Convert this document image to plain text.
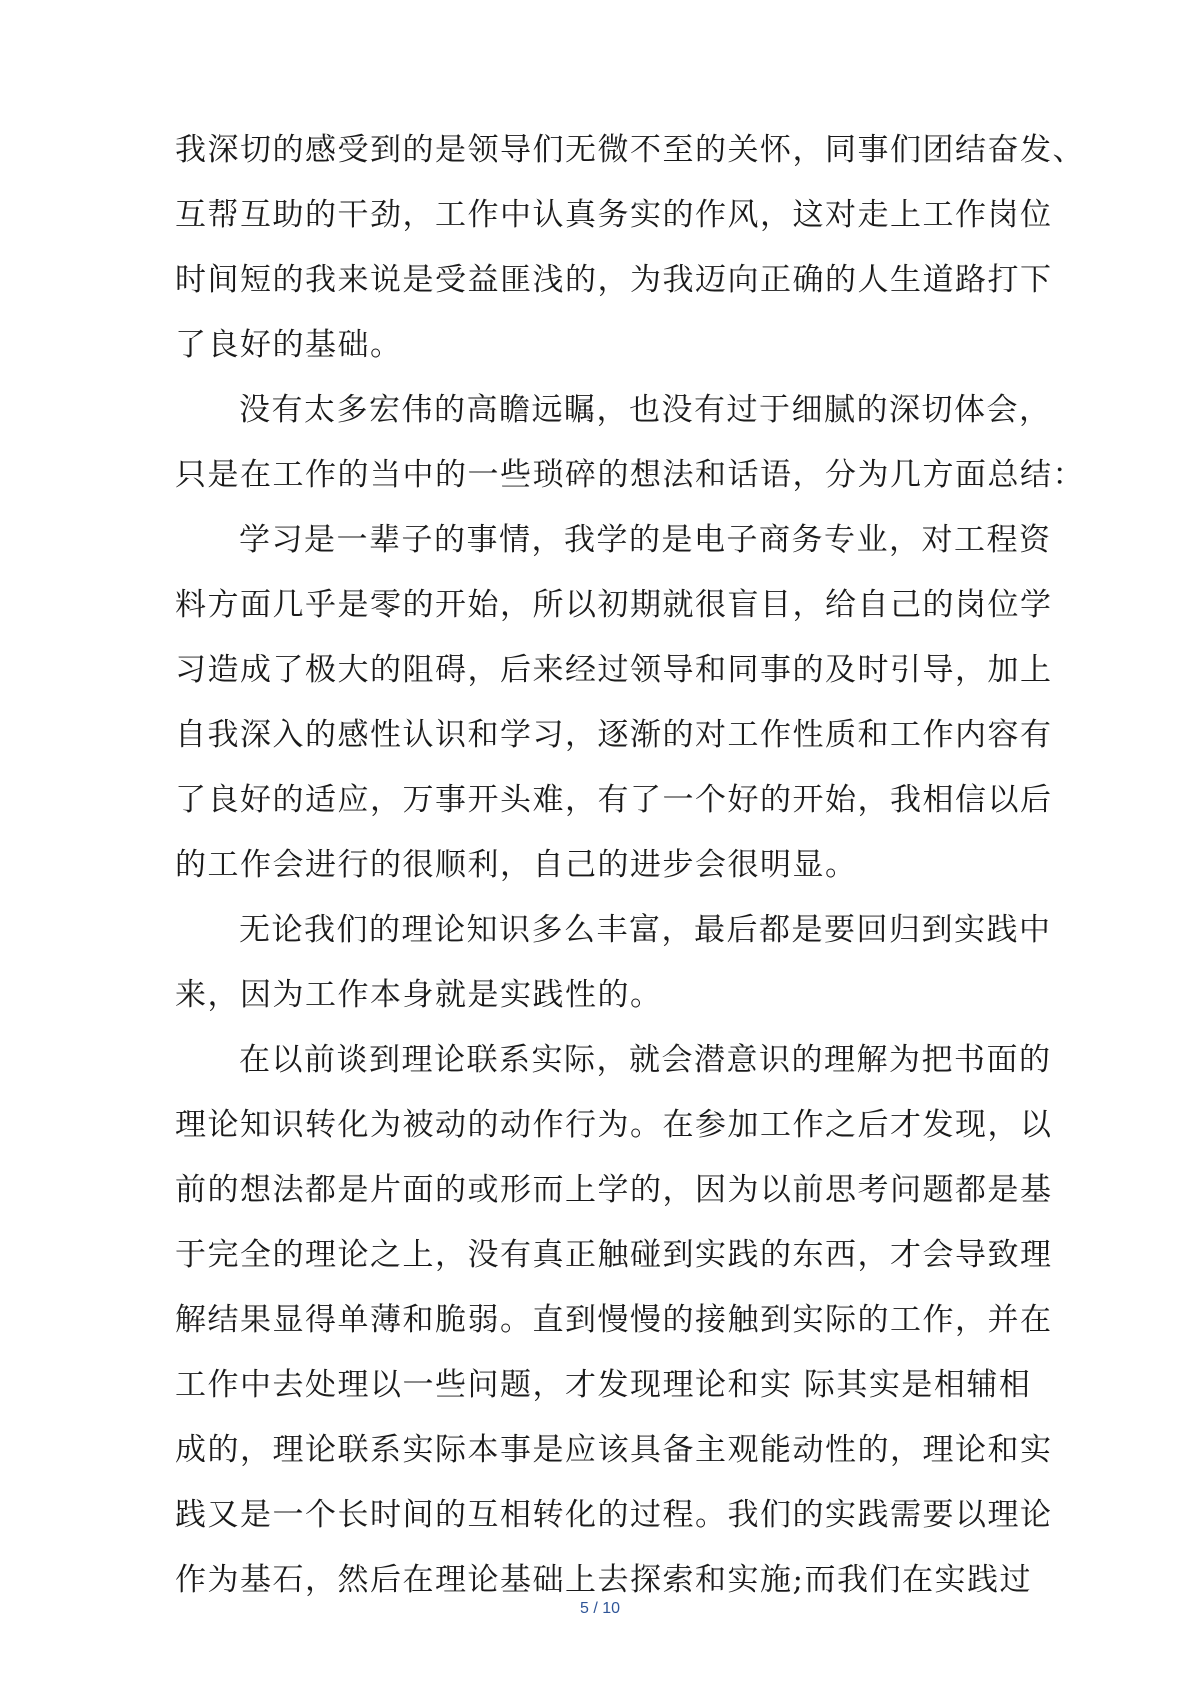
我深切的感受到的是领导们无微不至的关怀，同事们团结奋发、
互帮互助的干劲，工作中认真务实的作风，这对走上工作岗位
时间短的我来说是受益匪浅的，为我迈向正确的人生道路打下
了良好的基础。
没有太多宏伟的高瞻远瞩，也没有过于细腻的深切体会，
只是在工作的当中的一些琐碎的想法和话语，分为几方面总结：
学习是一辈子的事情，我学的是电子商务专业，对工程资
料方面几乎是零的开始，所以初期就很盲目，给自己的岗位学
习造成了极大的阻碍，后来经过领导和同事的及时引导，加上
自我深入的感性认识和学习，逐渐的对工作性质和工作内容有
了良好的适应，万事开头难，有了一个好的开始，我相信以后
的工作会进行的很顺利，自己的进步会很明显。
无论我们的理论知识多么丰富，最后都是要回归到实践中
来，因为工作本身就是实践性的。
在以前谈到理论联系实际，就会潜意识的理解为把书面的
理论知识转化为被动的动作行为。在参加工作之后才发现，以
前的想法都是片面的或形而上学的，因为以前思考问题都是基
于完全的理论之上，没有真正触碰到实践的东西，才会导致理
解结果显得单薄和脆弱。直到慢慢的接触到实际的工作，并在
工作中去处理以一些问题，才发现理论和实 际其实是相辅相
成的，理论联系实际本事是应该具备主观能动性的，理论和实
践又是一个长时间的互相转化的过程。我们的实践需要以理论
作为基石，然后在理论基础上去探索和实施;而我们在实践过
5 / 10
